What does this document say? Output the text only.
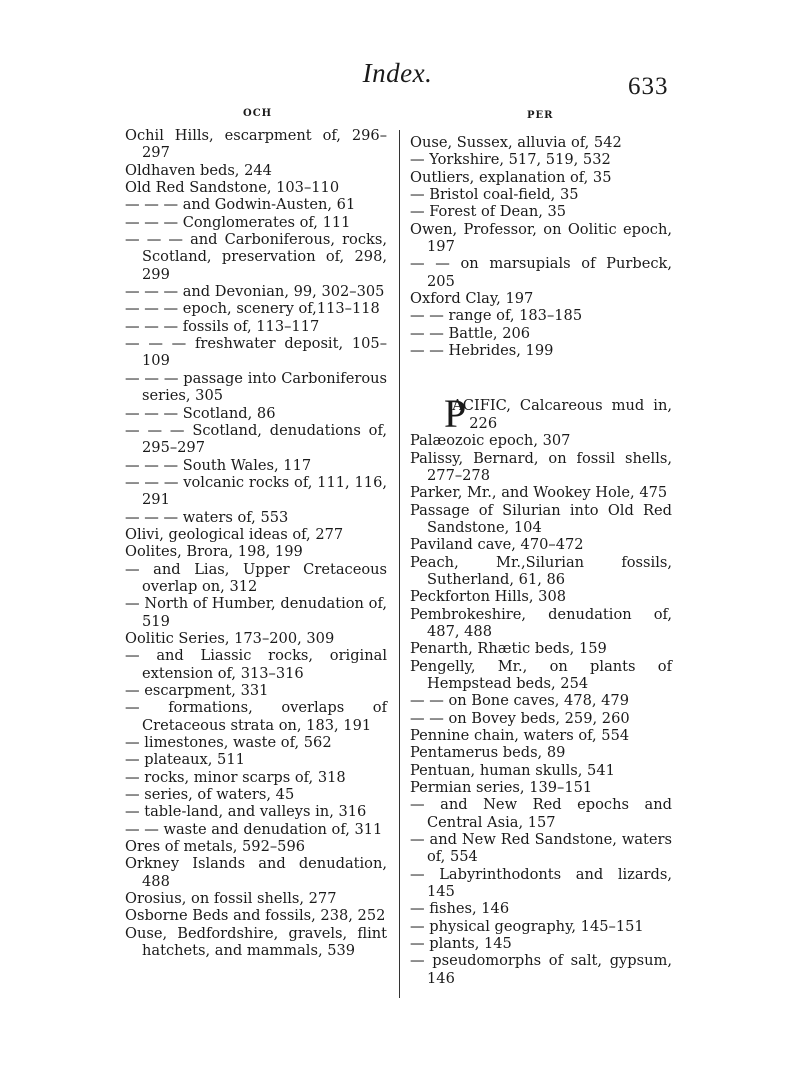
Index.	633
OCH	PER
Ochil Hills, escarpment of, 296–297
Oldhaven beds, 244
Old Red Sandstone, 103–110
— — — and Godwin-Austen, 61
— — — Conglomerates of, 111
— — — and Carboniferous, rocks, Scotland, preservation of, 298, 299
— — — and Devonian, 99, 302–305
— — — epoch, scenery of,113–118
— — — fossils of, 113–117
— — — freshwater deposit, 105–109
— — — passage into Carboniferous series, 305
— — — Scotland, 86
— — — Scotland, denudations of, 295–297
— — — South Wales, 117
— — — volcanic rocks of, 111, 116, 291
— — — waters of, 553
Olivi, geological ideas of, 277
Oolites, Brora, 198, 199
— and Lias, Upper Cretaceous overlap on, 312
— North of Humber, denudation of, 519
Oolitic Series, 173–200, 309
— and Liassic rocks, original extension of, 313–316
— escarpment, 331
— formations, overlaps of Cretaceous strata on, 183, 191
— limestones, waste of, 562
— plateaux, 511
— rocks, minor scarps of, 318
— series, of waters, 45
— table-land, and valleys in, 316
— — waste and denudation of, 311
Ores of metals, 592–596
Orkney Islands and denudation, 488
Orosius, on fossil shells, 277
Osborne Beds and fossils, 238, 252
Ouse, Bedfordshire, gravels, flint hatchets, and mammals, 539
Ouse, Sussex, alluvia of, 542
— Yorkshire, 517, 519, 532
Outliers, explanation of, 35
— Bristol coal-field, 35
— Forest of Dean, 35
Owen, Professor, on Oolitic epoch, 197
— — on marsupials of Purbeck, 205
Oxford Clay, 197
— — range of, 183–185
— — Battle, 206
— — Hebrides, 199
P
ACIFIC, Calcareous mud in, 226
Palæozoic epoch, 307
Palissy, Bernard, on fossil shells, 277–278
Parker, Mr., and Wookey Hole, 475
Passage of Silurian into Old Red Sandstone, 104
Paviland cave, 470–472
Peach, Mr.,Silurian fossils, Sutherland, 61, 86
Peckforton Hills, 308
Pembrokeshire, denudation of, 487, 488
Penarth, Rhætic beds, 159
Pengelly, Mr., on plants of Hempstead beds, 254
— — on Bone caves, 478, 479
— — on Bovey beds, 259, 260
Pennine chain, waters of, 554
Pentamerus beds, 89
Pentuan, human skulls, 541
Permian series, 139–151
— and New Red epochs and Central Asia, 157
— and New Red Sandstone, waters of, 554
— Labyrinthodonts and lizards, 145
— fishes, 146
— physical geography, 145–151
— plants, 145
— pseudomorphs of salt, gypsum, 146
